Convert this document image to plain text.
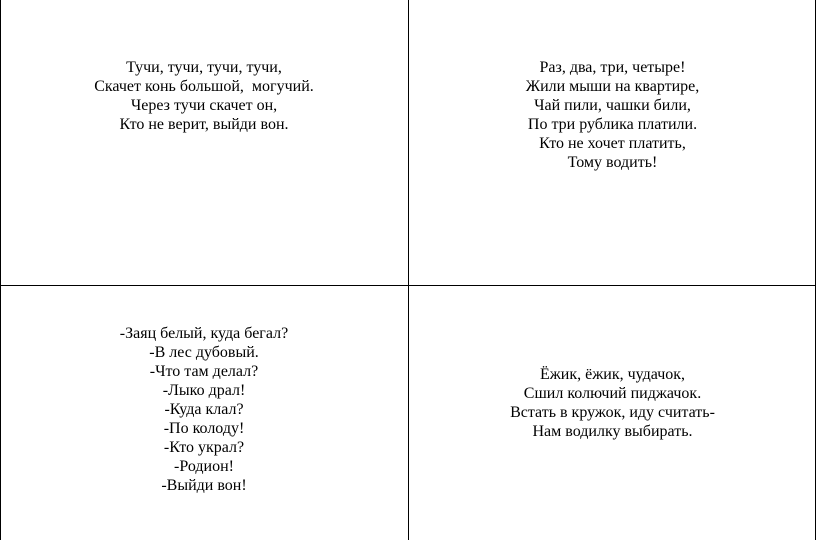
Тучи, тучи, тучи, тучи,
Скачет конь большой,  могучий.
Через тучи скачет он,
Кто не верит, выйди вон.
Раз, два, три, четыре!
Жили мыши на квартире,
Чай пили, чашки били,
По три рублика платили.
Кто не хочет платить,
Тому водить!
-Заяц белый, куда бегал?
-В лес дубовый.
-Что там делал?
-Лыко драл!
-Куда клал?
-По колоду!
-Кто украл?
-Родион!
-Выйди вон!
Ёжик, ёжик, чудачок,
Сшил колючий пиджачок.
Встать в кружок, иду считать-
Нам водилку выбирать.
